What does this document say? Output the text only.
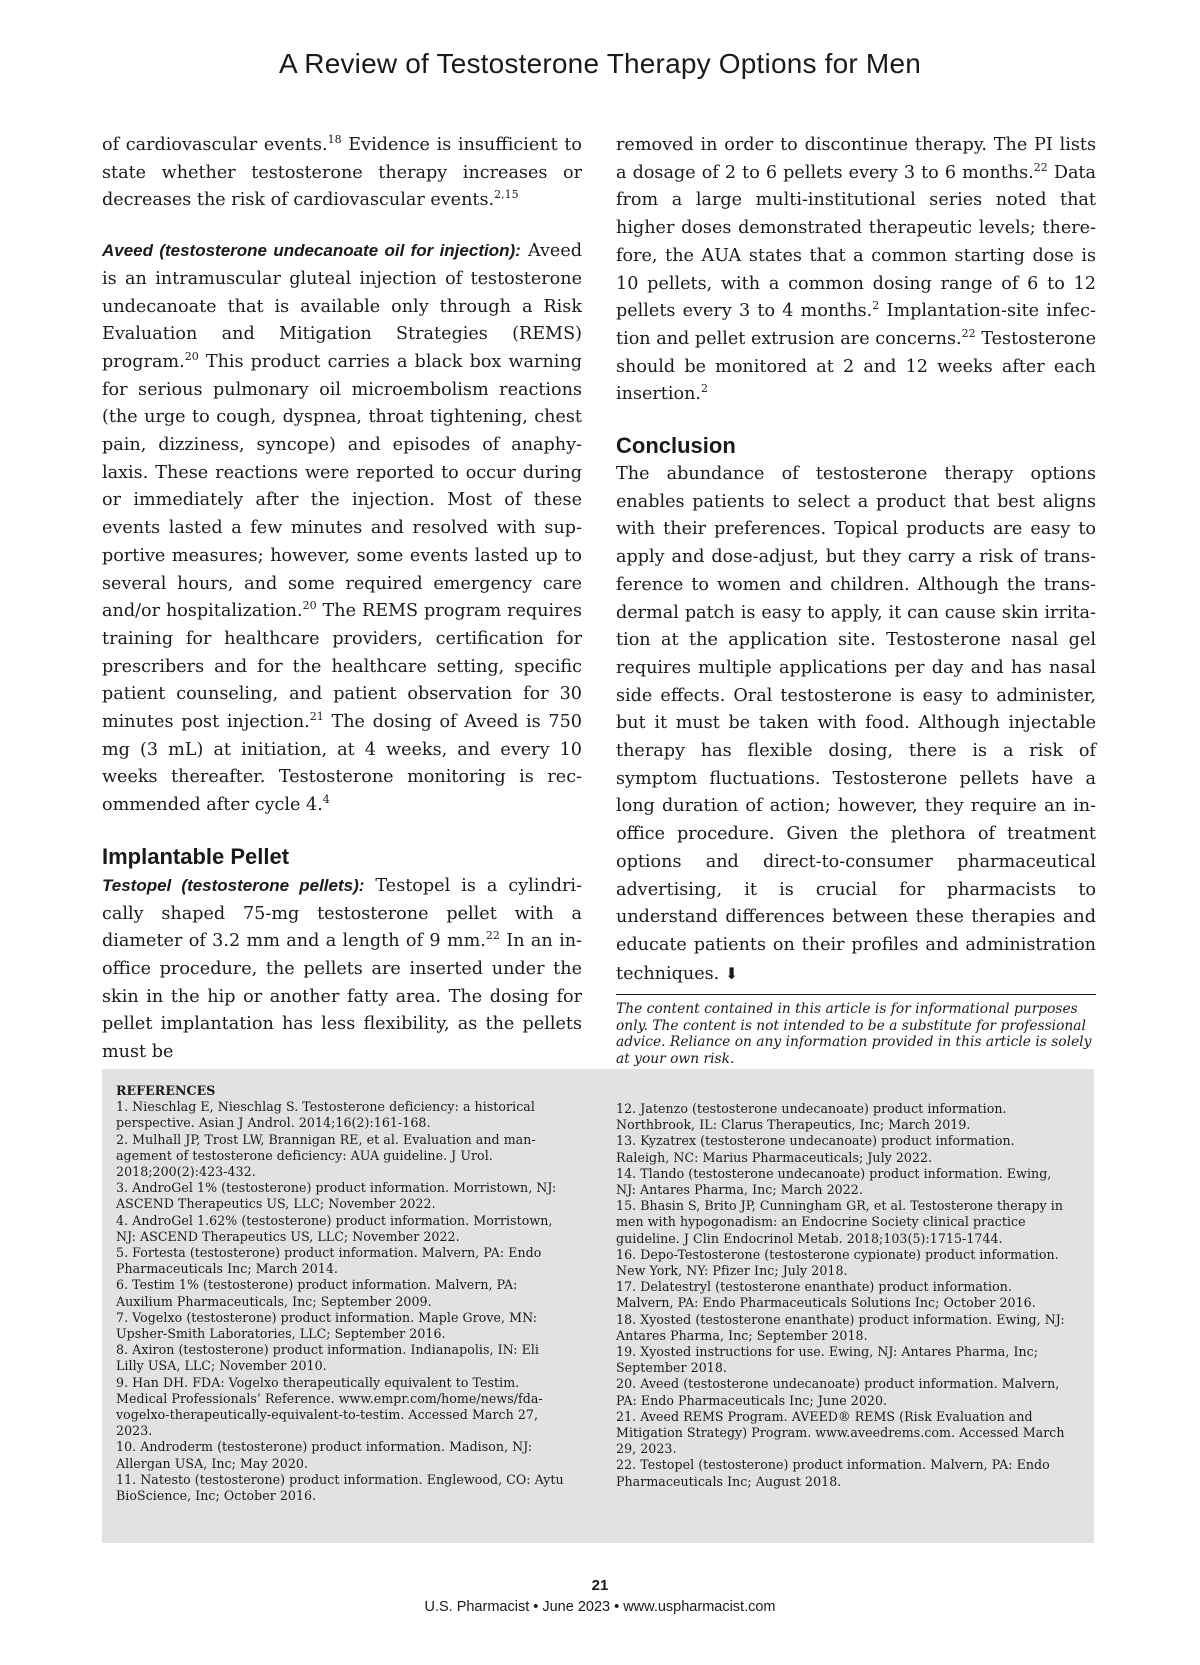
A Review of Testosterone Therapy Options for Men

of cardiovascular events.$^{18}$ Evidence is insufficient to state whether testosterone therapy increases or decreases the risk of cardiovascular events.$^{2,15}$

Aveed (testosterone undecanoate oil for injection): Aveed is an intramuscular gluteal injection of testosterone undecanoate that is available only through a Risk Evaluation and Mitigation Strategies (REMS) program.$^{20}$ This product carries a black box warning for serious pulmonary oil microembolism reactions (the urge to cough, dyspnea, throat tightening, chest pain, dizziness, syncope) and episodes of anaphylaxis. These reactions were reported to occur during or immediately after the injection. Most of these events lasted a few minutes and resolved with supportive measures; however, some events lasted up to several hours, and some required emergency care and/or hospitalization.$^{20}$ The REMS program requires training for healthcare providers, certification for prescribers and for the healthcare setting, specific patient counseling, and patient observation for 30 minutes post injection.$^{21}$ The dosing of Aveed is 750 mg (3 mL) at initiation, at 4 weeks, and every 10 weeks thereafter. Testosterone monitoring is recommended after cycle 4.$^4$

Implantable Pellet

Testopel (testosterone pellets): Testopel is a cylindrically shaped 75-mg testosterone pellet with a diameter of 3.2 mm and a length of 9 mm.$^{22}$ In an in-office procedure, the pellets are inserted under the skin in the hip or another fatty area. The dosing for pellet implantation has less flexibility, as the pellets must be

removed in order to discontinue therapy. The PI lists a dosage of 2 to 6 pellets every 3 to 6 months.$^{22}$ Data from a large multi-institutional series noted that higher doses demonstrated therapeutic levels; therefore, the AUA states that a common starting dose is 10 pellets, with a common dosing range of 6 to 12 pellets every 3 to 4 months.$^2$ Implantation-site infection and pellet extrusion are concerns.$^{22}$ Testosterone should be monitored at 2 and 12 weeks after each insertion.$^2$

Conclusion

The abundance of testosterone therapy options enables patients to select a product that best aligns with their preferences. Topical products are easy to apply and dose-adjust, but they carry a risk of transference to women and children. Although the transdermal patch is easy to apply, it can cause skin irritation at the application site. Testosterone nasal gel requires multiple applications per day and has nasal side effects. Oral testosterone is easy to administer, but it must be taken with food. Although injectable therapy has flexible dosing, there is a risk of symptom fluctuations. Testosterone pellets have a long duration of action; however, they require an in-office procedure. Given the plethora of treatment options and direct-to-consumer pharmaceutical advertising, it is crucial for pharmacists to understand differences between these therapies and educate patients on their profiles and administration techniques. ⬇

The content contained in this article is for informational purposes only. The content is not intended to be a substitute for professional advice. Reliance on any information provided in this article is solely at your own risk.
REFERENCES

1. Nieschlag E, Nieschlag S. Testosterone deficiency: a historical perspective. Asian J Androl. 2014;16(2):161-168.

2. Mulhall JP, Trost LW, Brannigan RE, et al. Evaluation and management of testosterone deficiency: AUA guideline. J Urol. 2018;200(2):423-432.

3. AndroGel 1% (testosterone) product information. Morristown, NJ: ASCEND Therapeutics US, LLC; November 2022.

4. AndroGel 1.62% (testosterone) product information. Morristown, NJ: ASCEND Therapeutics US, LLC; November 2022.

5. Fortesta (testosterone) product information. Malvern, PA: Endo Pharmaceuticals Inc; March 2014.

6. Testim 1% (testosterone) product information. Malvern, PA: Auxilium Pharmaceuticals, Inc; September 2009.

7. Vogelxo (testosterone) product information. Maple Grove, MN: Upsher-Smith Laboratories, LLC; September 2016.

8. Axiron (testosterone) product information. Indianapolis, IN: Eli Lilly USA, LLC; November 2010.

9. Han DH. FDA: Vogelxo therapeutically equivalent to Testim. Medical Professionals’ Reference. www.empr.com/home/news/fda-vogelxo-therapeutically-equivalent-to-testim. Accessed March 27, 2023.

10. Androderm (testosterone) product information. Madison, NJ: Allergan USA, Inc; May 2020.

11. Natesto (testosterone) product information. Englewood, CO: Aytu BioScience, Inc; October 2016.

12. Jatenzo (testosterone undecanoate) product information. Northbrook, IL: Clarus Therapeutics, Inc; March 2019.

13. Kyzatrex (testosterone undecanoate) product information. Raleigh, NC: Marius Pharmaceuticals; July 2022.

14. Tlando (testosterone undecanoate) product information. Ewing, NJ: Antares Pharma, Inc; March 2022.

15. Bhasin S, Brito JP, Cunningham GR, et al. Testosterone therapy in men with hypogonadism: an Endocrine Society clinical practice guideline. J Clin Endocrinol Metab. 2018;103(5):1715-1744.

16. Depo-Testosterone (testosterone cypionate) product information. New York, NY: Pfizer Inc; July 2018.

17. Delatestryl (testosterone enanthate) product information. Malvern, PA: Endo Pharmaceuticals Solutions Inc; October 2016.

18. Xyosted (testosterone enanthate) product information. Ewing, NJ: Antares Pharma, Inc; September 2018.

19. Xyosted instructions for use. Ewing, NJ: Antares Pharma, Inc; September 2018.

20. Aveed (testosterone undecanoate) product information. Malvern, PA: Endo Pharmaceuticals Inc; June 2020.

21. Aveed REMS Program. AVEED® REMS (Risk Evaluation and Mitigation Strategy) Program. www.aveedrems.com. Accessed March 29, 2023.

22. Testopel (testosterone) product information. Malvern, PA: Endo Pharmaceuticals Inc; August 2018.

21
U.S. Pharmacist • June 2023 • www.uspharmacist.com
